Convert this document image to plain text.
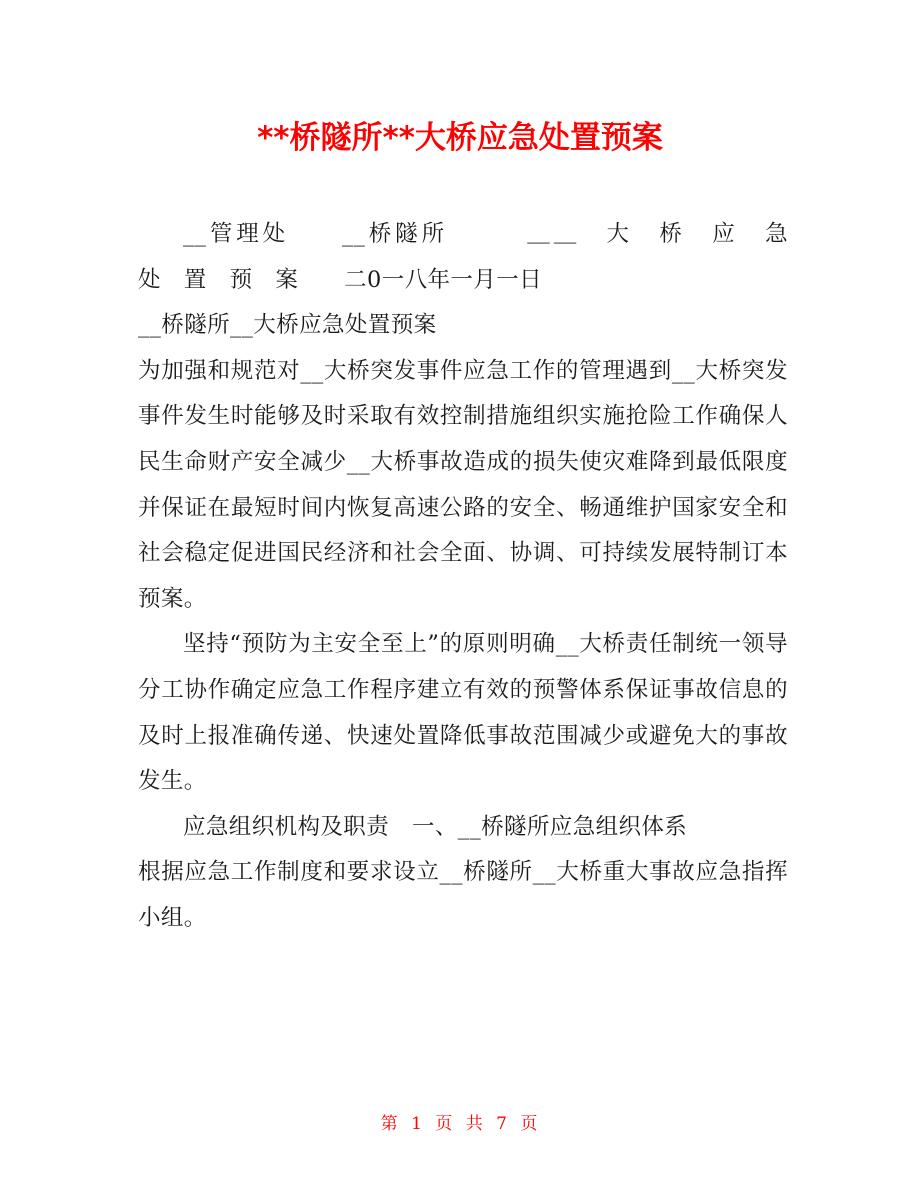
**桥隧所**大桥应急处置预案

__管理处　　__桥隧所　　　＿＿　大　桥　应　急

处　置　预　案　　二0一八年一月一日

__桥隧所__大桥应急处置预案

为加强和规范对__大桥突发事件应急工作的管理遇到__大桥突发事件发生时能够及时采取有效控制措施组织实施抢险工作确保人民生命财产安全减少__大桥事故造成的损失使灾难降到最低限度并保证在最短时间内恢复高速公路的安全、畅通维护国家安全和社会稳定促进国民经济和社会全面、协调、可持续发展特制订本预案。

坚持“预防为主安全至上”的原则明确__大桥责任制统一领导分工协作确定应急工作程序建立有效的预警体系保证事故信息的及时上报准确传递、快速处置降低事故范围减少或避免大的事故发生。

应急组织机构及职责　一、__桥隧所应急组织体系

根据应急工作制度和要求设立__桥隧所__大桥重大事故应急指挥小组。

第 1 页 共 7 页
